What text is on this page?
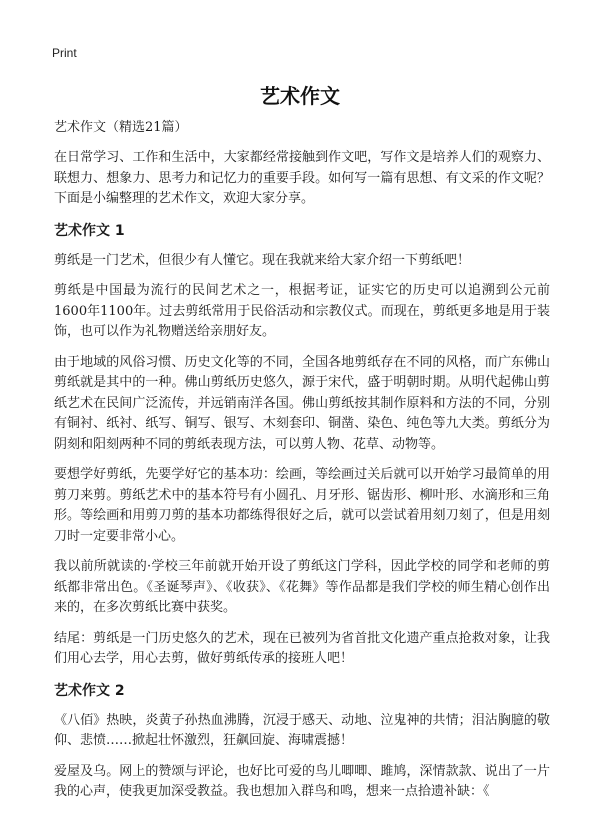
Print
艺术作文

艺术作文（精选21篇）

在日常学习、工作和生活中，大家都经常接触到作文吧，写作文是培养人们的观察力、联想力、想象力、思考力和记忆力的重要手段。如何写一篇有思想、有文采的作文呢？下面是小编整理的艺术作文，欢迎大家分享。

艺术作文 1

剪纸是一门艺术，但很少有人懂它。现在我就来给大家介绍一下剪纸吧！

剪纸是中国最为流行的民间艺术之一，根据考证，证实它的历史可以追溯到公元前1600年1100年。过去剪纸常用于民俗活动和宗教仪式。而现在，剪纸更多地是用于装饰，也可以作为礼物赠送给亲朋好友。

由于地域的风俗习惯、历史文化等的不同，全国各地剪纸存在不同的风格，而广东佛山剪纸就是其中的一种。佛山剪纸历史悠久，源于宋代，盛于明朝时期。从明代起佛山剪纸艺术在民间广泛流传，并远销南洋各国。佛山剪纸按其制作原料和方法的不同，分别有铜衬、纸衬、纸写、铜写、银写、木刻套印、铜凿、染色、纯色等九大类。剪纸分为阴刻和阳刻两种不同的剪纸表现方法，可以剪人物、花草、动物等。

要想学好剪纸，先要学好它的基本功：绘画，等绘画过关后就可以开始学习最简单的用剪刀来剪。剪纸艺术中的基本符号有小圆孔、月牙形、锯齿形、柳叶形、水滴形和三角形。等绘画和用剪刀剪的基本功都练得很好之后，就可以尝试着用刻刀刻了，但是用刻刀时一定要非常小心。

我以前所就读的·学校三年前就开始开设了剪纸这门学科，因此学校的同学和老师的剪纸都非常出色。《圣诞琴声》、《收获》、《花舞》等作品都是我们学校的师生精心创作出来的，在多次剪纸比赛中获奖。

结尾：剪纸是一门历史悠久的艺术，现在已被列为省首批文化遗产重点抢救对象，让我们用心去学，用心去剪，做好剪纸传承的接班人吧！

艺术作文 2

《八佰》热映，炎黄子孙热血沸腾，沉浸于感天、动地、泣鬼神的共情；泪沾胸臆的敬仰、悲愤……掀起壮怀激烈，狂飙回旋、海啸震撼！

爱屋及乌。网上的赞颂与评论，也好比可爱的鸟儿唧唧、雎鸠，深情款款、说出了一片我的心声，使我更加深受教益。我也想加入群鸟和鸣，想来一点拾遗补缺：《
